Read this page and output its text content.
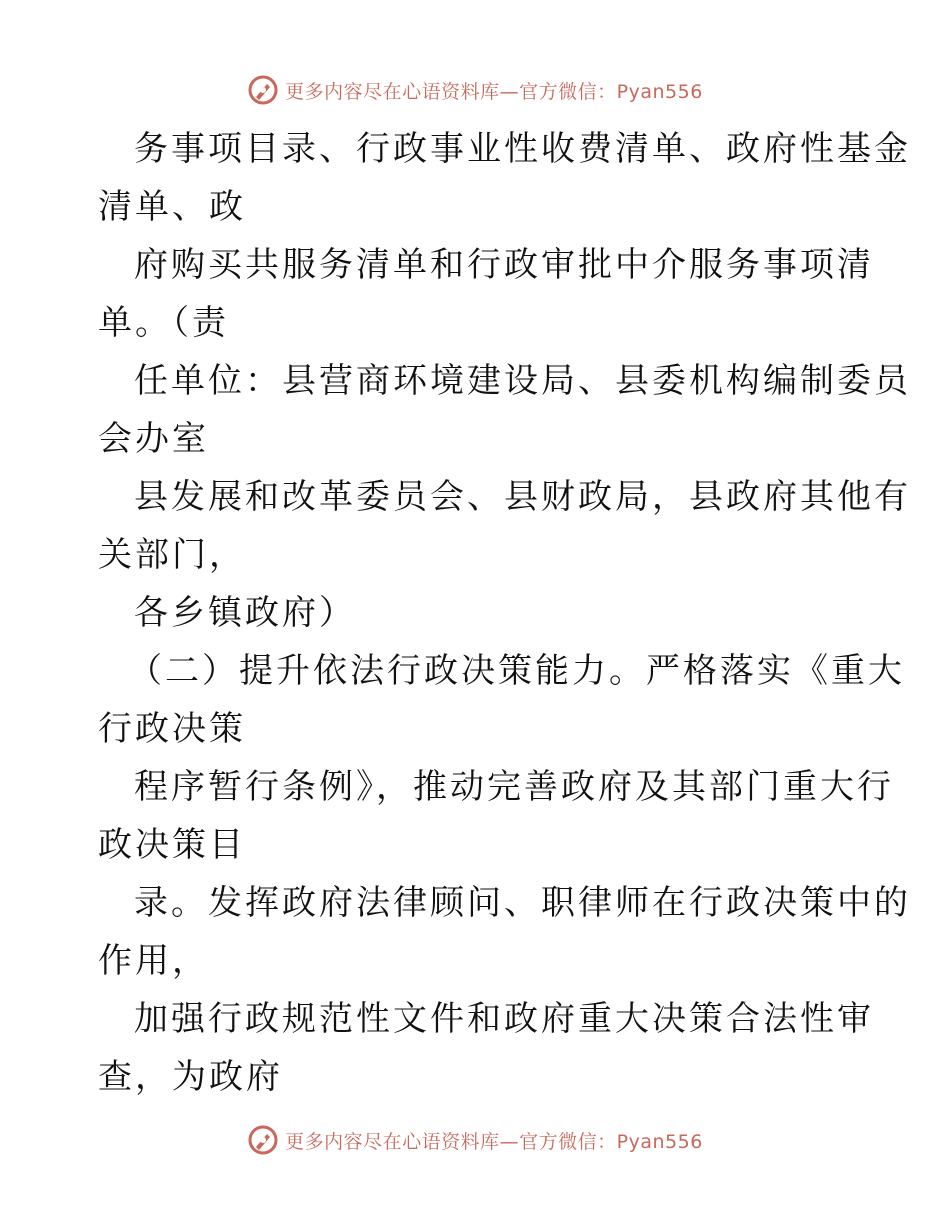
更多内容尽在心语资料库—官方微信：Pyan556
务事项目录、行政事业性收费清单、政府性基金
清单、政
府购买共服务清单和行政审批中介服务事项清
单。（责
任单位：县营商环境建设局、县委机构编制委员
会办室
县发展和改革委员会、县财政局，县政府其他有
关部门，
各乡镇政府）
（二）提升依法行政决策能力。严格落实《重大
行政决策
程序暂行条例》，推动完善政府及其部门重大行
政决策目
录。发挥政府法律顾问、职律师在行政决策中的
作用，
加强行政规范性文件和政府重大决策合法性审
查，为政府
更多内容尽在心语资料库—官方微信：Pyan556
